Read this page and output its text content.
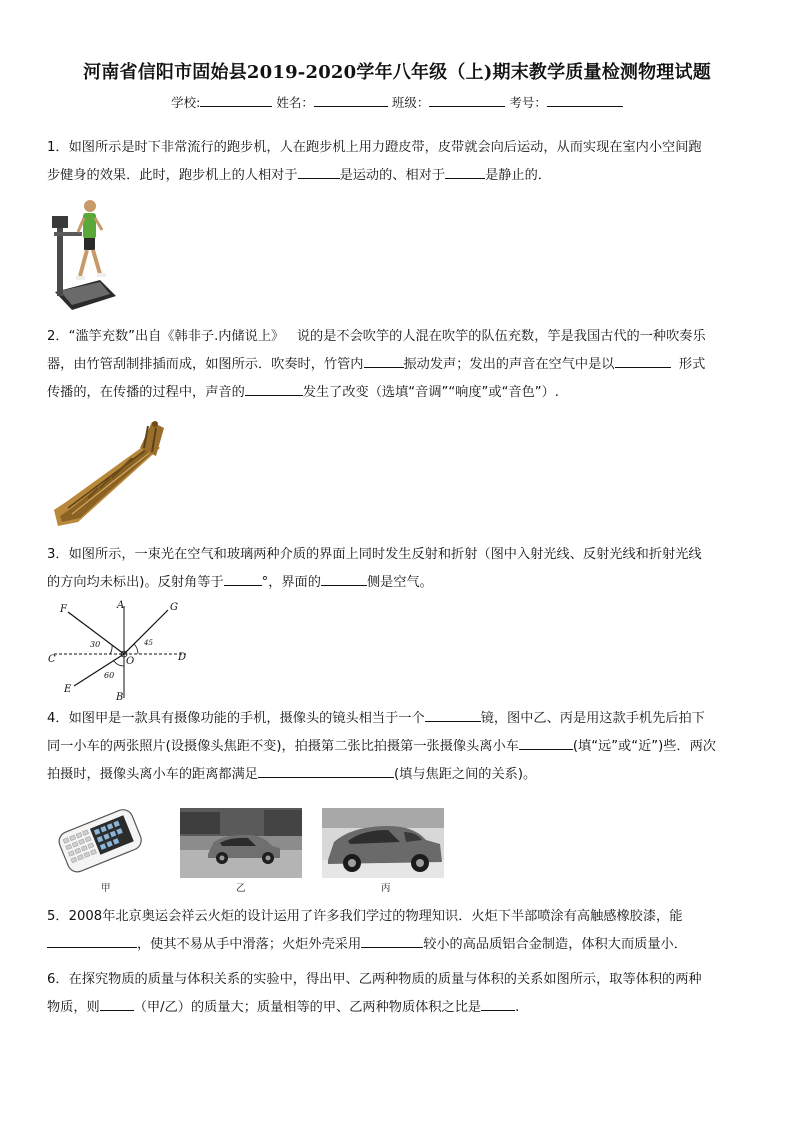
河南省信阳市固始县2019-2020学年八年级（上)期末教学质量检测物理试题
学校:	姓名：	班级：	考号：
1．如图所示是时下非常流行的跑步机，人在跑步机上用力蹬皮带，皮带就会向后运动，从而实现在室内小空间跑
步健身的效果．此时，跑步机上的人相对于	是运动的、相对于	是静止的．
2．“滥竽充数”出自《韩非子.内储说上》 说的是不会吹竽的人混在吹竽的队伍充数，竽是我国古代的一种吹奏乐
器，由竹管刮制排插而成，如图所示．吹奏时，竹管内	振动发声；发出的声音在空气中是以	形式
传播的，在传播的过程中，声音的	发生了改变（选填“音调”“响度”或“音色”）.
3．如图所示，一束光在空气和玻璃两种介质的界面上同时发生反射和折射（图中入射光线、反射光线和折射光线
的方向均未标出)。反射角等于	°，界面的	侧是空气。
F	A	G
C	O	D
E
B
30	45
60
4．如图甲是一款具有摄像功能的手机，摄像头的镜头相当于一个	镜，图中乙、丙是用这款手机先后拍下
同一小车的两张照片(设摄像头焦距不变)，拍摄第二张比拍摄第一张摄像头离小车	(填“远”或“近”)些．两次
拍摄时，摄像头离小车的距离都满足	(填与焦距之间的关系)。
甲	乙	丙
5．2008年北京奥运会祥云火炬的设计运用了许多我们学过的物理知识．火炬下半部喷涂有高触感橡胶漆，能
，使其不易从手中滑落；火炬外壳采用	较小的高品质铝合金制造，体积大而质量小．
6．在探究物质的质量与体积关系的实验中，得出甲、乙两种物质的质量与体积的关系如图所示，取等体积的两种
物质，则	（甲/乙）的质量大；质量相等的甲、乙两种物质体积之比是	.
